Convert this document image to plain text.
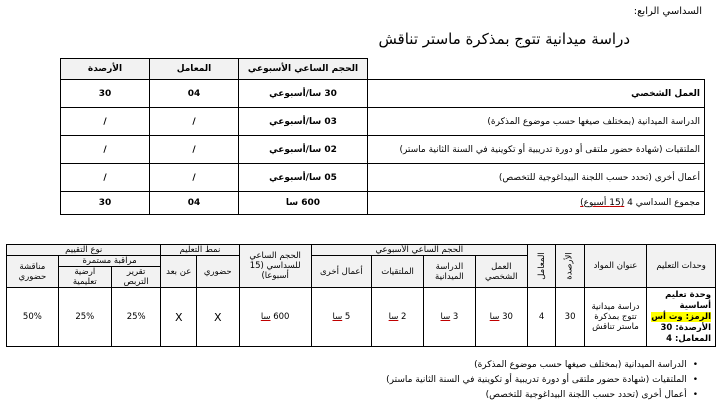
السداسي الرابع:
دراسة ميدانية تتوج بمذكرة ماستر تناقش
	الحجم الساعي الأسبوعي	المعامل	الأرصدة
العمل الشخصي	30 سا/أسبوعي	04	30
الدراسة الميدانية (بمختلف صيغها حسب موضوع المذكرة)	03 سا/أسبوعي	/	/
الملتقيات (شهادة حضور ملتقى أو دورة تدريبية أو تكوينية في السنة الثانية ماستر)	02 سا/أسبوعي	/	/
أعمال أخرى (تحدد حسب اللجنة البيداغوجية للتخصص)	05 سا/أسبوعي	/	/
مجموع السداسي 4 (15 أسبوع)	600 سا	04	30
وحدات التعليم	عنوان المواد	الأرصدة	المعامل	الحجم الساعي الأسبوعي				الحجم الساعي للسداسي (15 أسبوعا)	نمط التعليم		نوع التقييم		
				العمل الشخصي	الدراسة الميدانية	الملتقيات	أعمال أخرى		حضوري	عن بعد	مراقبة مستمرة		مناقشة حضوري
											تقرير التربص	ارضية تعليمية	

وحدة تعليم أساسية
الرمز: وت أس
الأرصدة: 30
المعامل: 4	دراسة ميدانية تتوج بمذكرة ماستر تناقش	30	4	30 سا	3 سا	2 سا	5 سا	600 سا	X	X	25%	25%	50%
• الدراسة الميدانية (بمختلف صيغها حسب موضوع المذكرة)
• الملتقيات (شهادة حضور ملتقى أو دورة تدريبية أو تكوينية في السنة الثانية ماستر)
• أعمال أخرى (تحدد حسب اللجنة البيداغوجية للتخصص)
